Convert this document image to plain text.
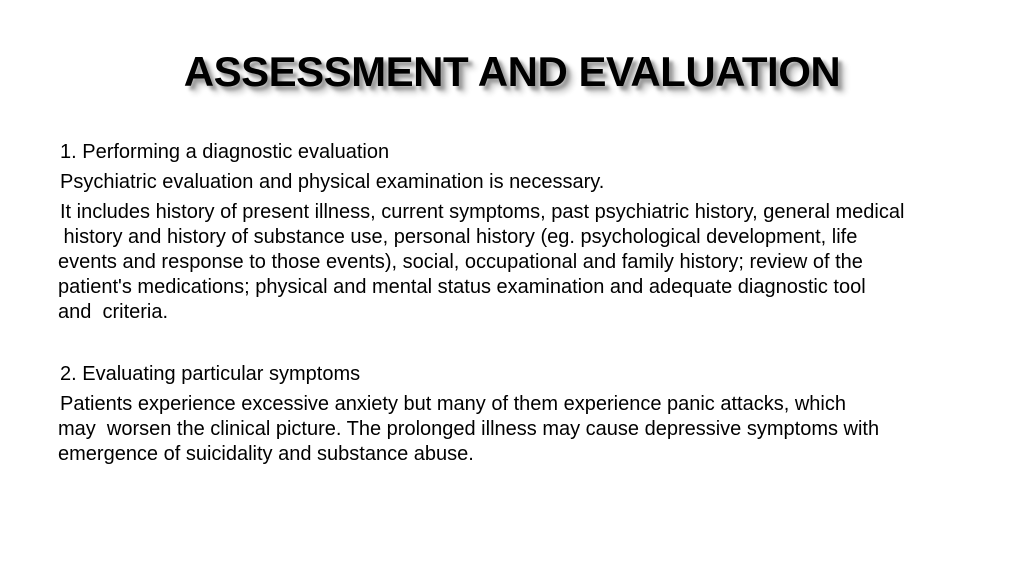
ASSESSMENT AND EVALUATION

1. Performing a diagnostic evaluation

Psychiatric evaluation and physical examination is necessary.

It includes history of present illness, current symptoms, past psychiatric history, general medical

history and history of substance use, personal history (eg. psychological development, life

events and response to those events), social, occupational and family history; review of the

patient's medications; physical and mental status examination and adequate diagnostic tool

and  criteria.

2. Evaluating particular symptoms

Patients experience excessive anxiety but many of them experience panic attacks, which

may  worsen the clinical picture. The prolonged illness may cause depressive symptoms with

emergence of suicidality and substance abuse.
